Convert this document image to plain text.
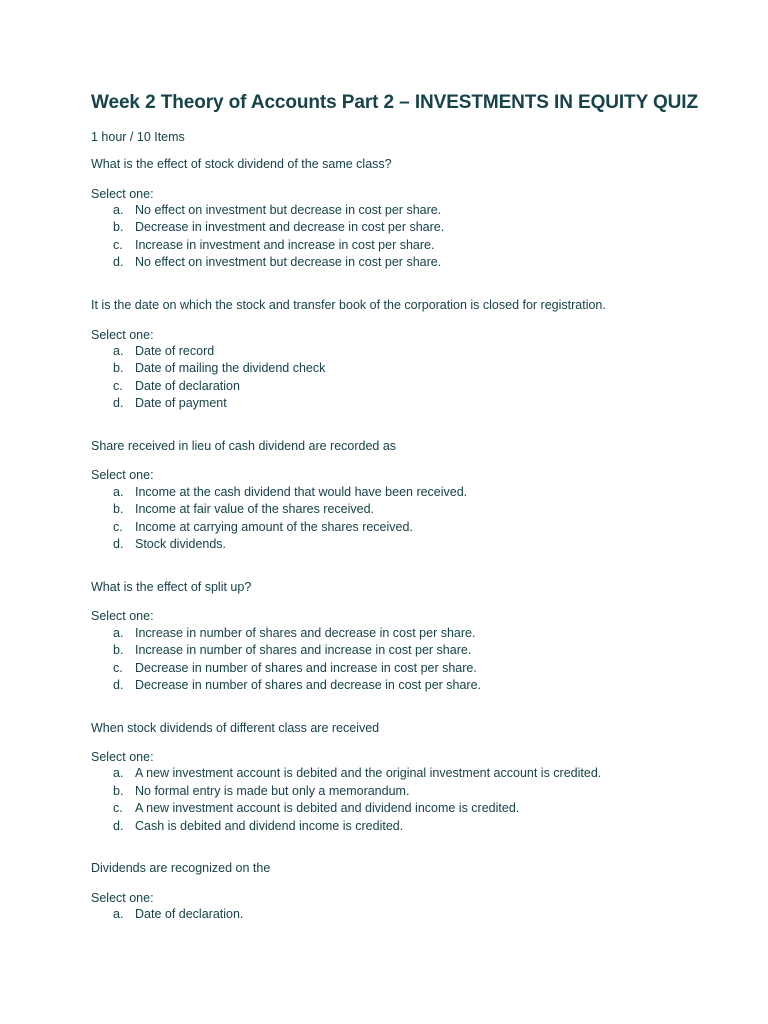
Week 2 Theory of Accounts Part 2 – INVESTMENTS IN EQUITY QUIZ
1 hour / 10 Items
What is the effect of stock dividend of the same class?
Select one:
a. No effect on investment but decrease in cost per share.
b. Decrease in investment and decrease in cost per share.
c. Increase in investment and increase in cost per share.
d. No effect on investment but decrease in cost per share.
It is the date on which the stock and transfer book of the corporation is closed for registration.
Select one:
a. Date of record
b. Date of mailing the dividend check
c. Date of declaration
d. Date of payment
Share received in lieu of cash dividend are recorded as
Select one:
a. Income at the cash dividend that would have been received.
b. Income at fair value of the shares received.
c. Income at carrying amount of the shares received.
d. Stock dividends.
What is the effect of split up?
Select one:
a. Increase in number of shares and decrease in cost per share.
b. Increase in number of shares and increase in cost per share.
c. Decrease in number of shares and increase in cost per share.
d. Decrease in number of shares and decrease in cost per share.
When stock dividends of different class are received
Select one:
a. A new investment account is debited and the original investment account is credited.
b. No formal entry is made but only a memorandum.
c. A new investment account is debited and dividend income is credited.
d. Cash is debited and dividend income is credited.
Dividends are recognized on the
Select one:
a. Date of declaration.
